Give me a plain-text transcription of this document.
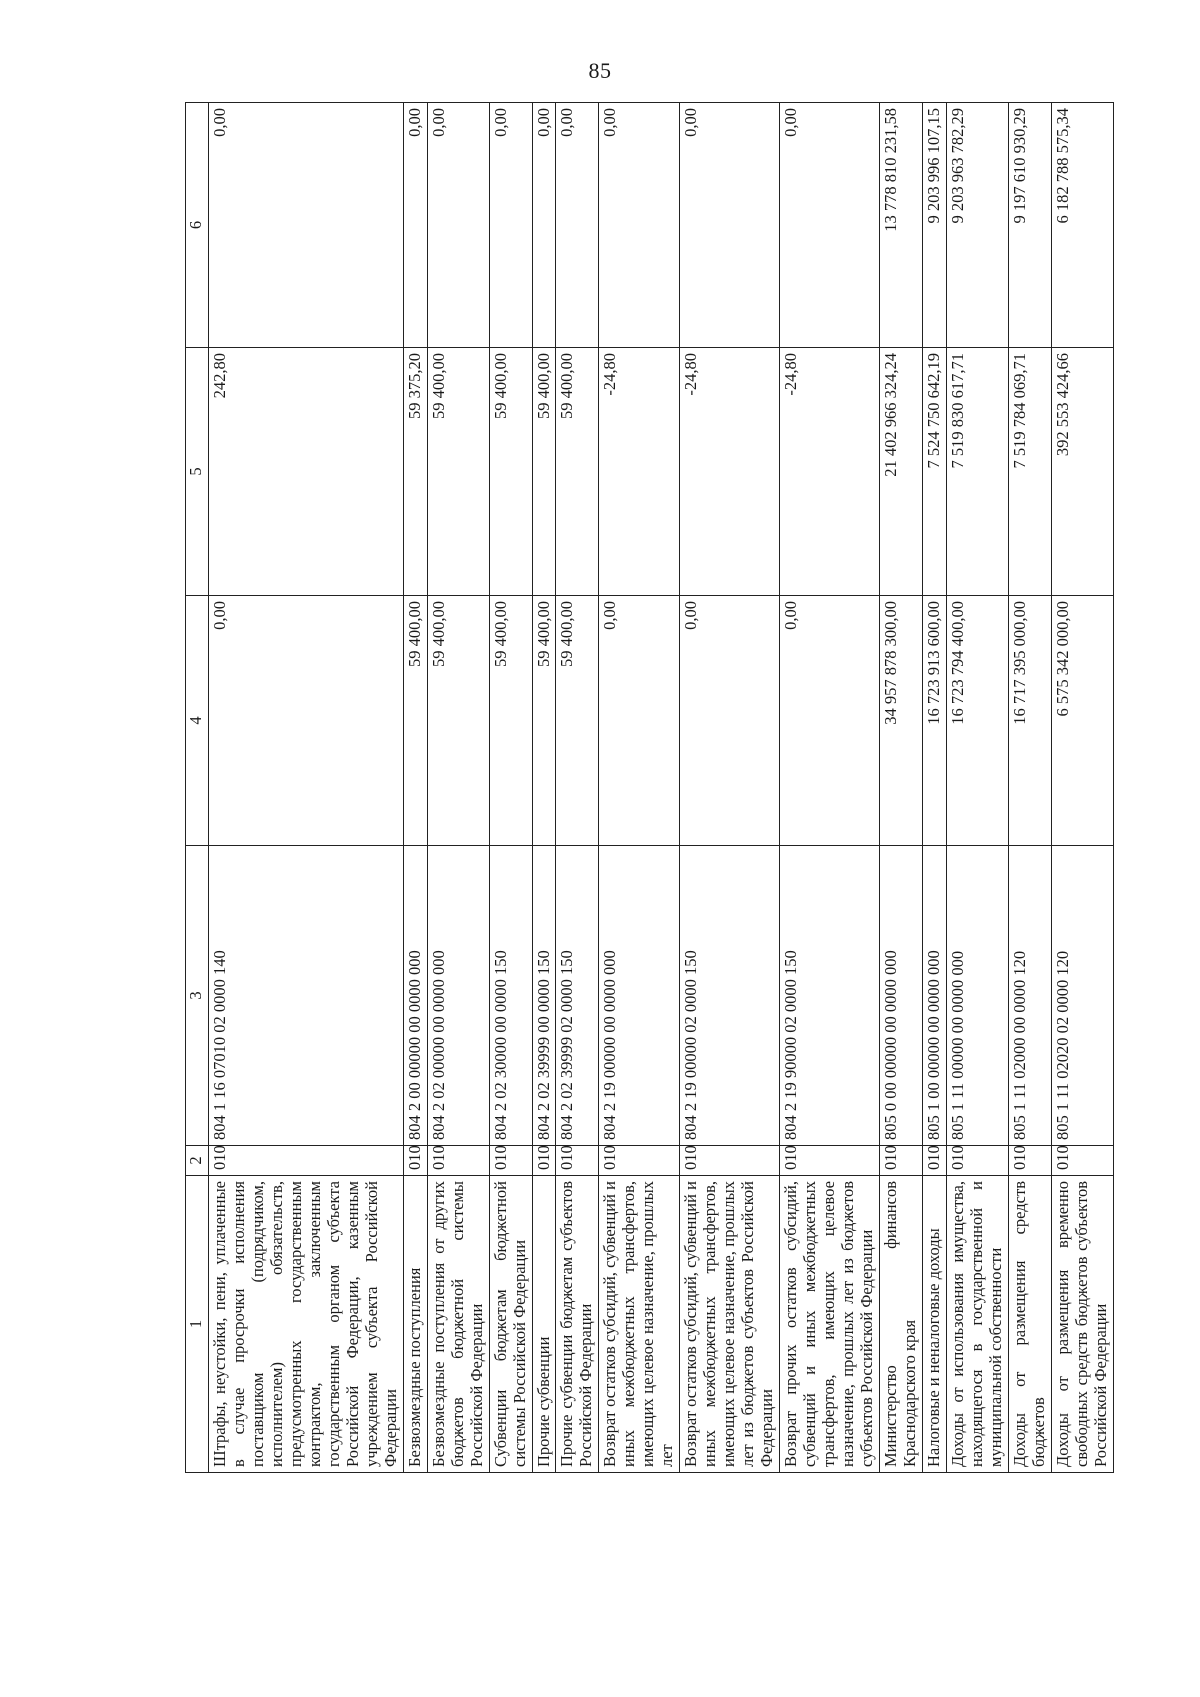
85
1	2	3	4	5	6
Штрафы, неустойки, пени, уплаченные в случае просрочки исполнения поставщиком (подрядчиком, исполнителем) обязательств, предусмотренных государственным контрактом, заключенным государственным органом субъекта Российской Федерации, казенным учреждением субъекта Российской Федерации	010	804 1 16 07010 02 0000 140	0,00	242,80	0,00
Безвозмездные поступления	010	804 2 00 00000 00 0000 000	59 400,00	59 375,20	0,00
Безвозмездные поступления от других бюджетов бюджетной системы Российской Федерации	010	804 2 02 00000 00 0000 000	59 400,00	59 400,00	0,00
Субвенции бюджетам бюджетной системы Российской Федерации	010	804 2 02 30000 00 0000 150	59 400,00	59 400,00	0,00
Прочие субвенции	010	804 2 02 39999 00 0000 150	59 400,00	59 400,00	0,00
Прочие субвенции бюджетам субъектов Российской Федерации	010	804 2 02 39999 02 0000 150	59 400,00	59 400,00	0,00
Возврат остатков субсидий, субвенций и иных межбюджетных трансфертов, имеющих целевое назначение, прошлых лет	010	804 2 19 00000 00 0000 000	0,00	-24,80	0,00
Возврат остатков субсидий, субвенций и иных межбюджетных трансфертов, имеющих целевое назначение, прошлых лет из бюджетов субъектов Российской Федерации	010	804 2 19 00000 02 0000 150	0,00	-24,80	0,00
Возврат прочих остатков субсидий, субвенций и иных межбюджетных трансфертов, имеющих целевое назначение, прошлых лет из бюджетов субъектов Российской Федерации	010	804 2 19 90000 02 0000 150	0,00	-24,80	0,00
Министерство финансов Краснодарского края	010	805 0 00 00000 00 0000 000	34 957 878 300,00	21 402 966 324,24	13 778 810 231,58
Налоговые и неналоговые доходы	010	805 1 00 00000 00 0000 000	16 723 913 600,00	7 524 750 642,19	9 203 996 107,15
Доходы от использования имущества, находящегося в государственной и муниципальной собственности	010	805 1 11 00000 00 0000 000	16 723 794 400,00	7 519 830 617,71	9 203 963 782,29
Доходы от размещения средств бюджетов	010	805 1 11 02000 00 0000 120	16 717 395 000,00	7 519 784 069,71	9 197 610 930,29
Доходы от размещения временно свободных средств бюджетов субъектов Российской Федерации	010	805 1 11 02020 02 0000 120	6 575 342 000,00	392 553 424,66	6 182 788 575,34
